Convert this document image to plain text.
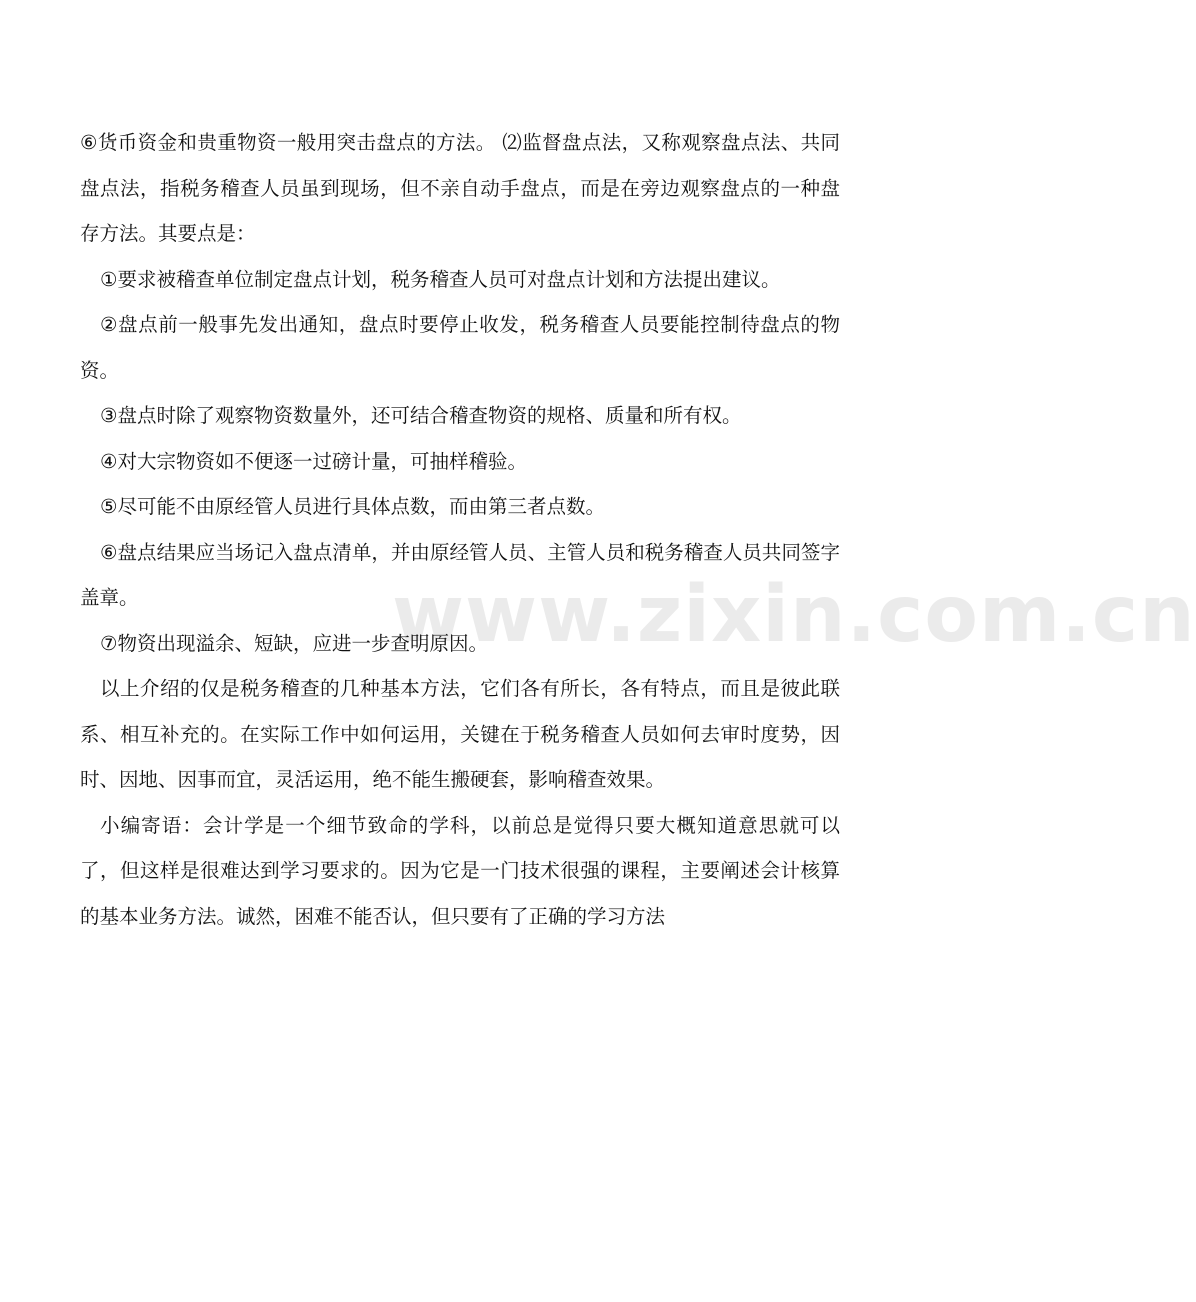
www.zixin.com.cn

⑥货币资金和贵重物资一般用突击盘点的方法。 ⑵监督盘点法，又称观察盘点法、共同盘点法，指税务稽查人员虽到现场，但不亲自动手盘点，而是在旁边观察盘点的一种盘存方法。其要点是：

①要求被稽查单位制定盘点计划，税务稽查人员可对盘点计划和方法提出建议。

②盘点前一般事先发出通知，盘点时要停止收发，税务稽查人员要能控制待盘点的物资。

③盘点时除了观察物资数量外，还可结合稽查物资的规格、质量和所有权。

④对大宗物资如不便逐一过磅计量，可抽样稽验。

⑤尽可能不由原经管人员进行具体点数，而由第三者点数。

⑥盘点结果应当场记入盘点清单，并由原经管人员、主管人员和税务稽查人员共同签字盖章。

⑦物资出现溢余、短缺，应进一步查明原因。

以上介绍的仅是税务稽查的几种基本方法，它们各有所长，各有特点，而且是彼此联系、相互补充的。在实际工作中如何运用，关键在于税务稽查人员如何去审时度势，因时、因地、因事而宜，灵活运用，绝不能生搬硬套，影响稽查效果。

小编寄语：会计学是一个细节致命的学科，以前总是觉得只要大概知道意思就可以了，但这样是很难达到学习要求的。因为它是一门技术很强的课程，主要阐述会计核算的基本业务方法。诚然，困难不能否认，但只要有了正确的学习方法
